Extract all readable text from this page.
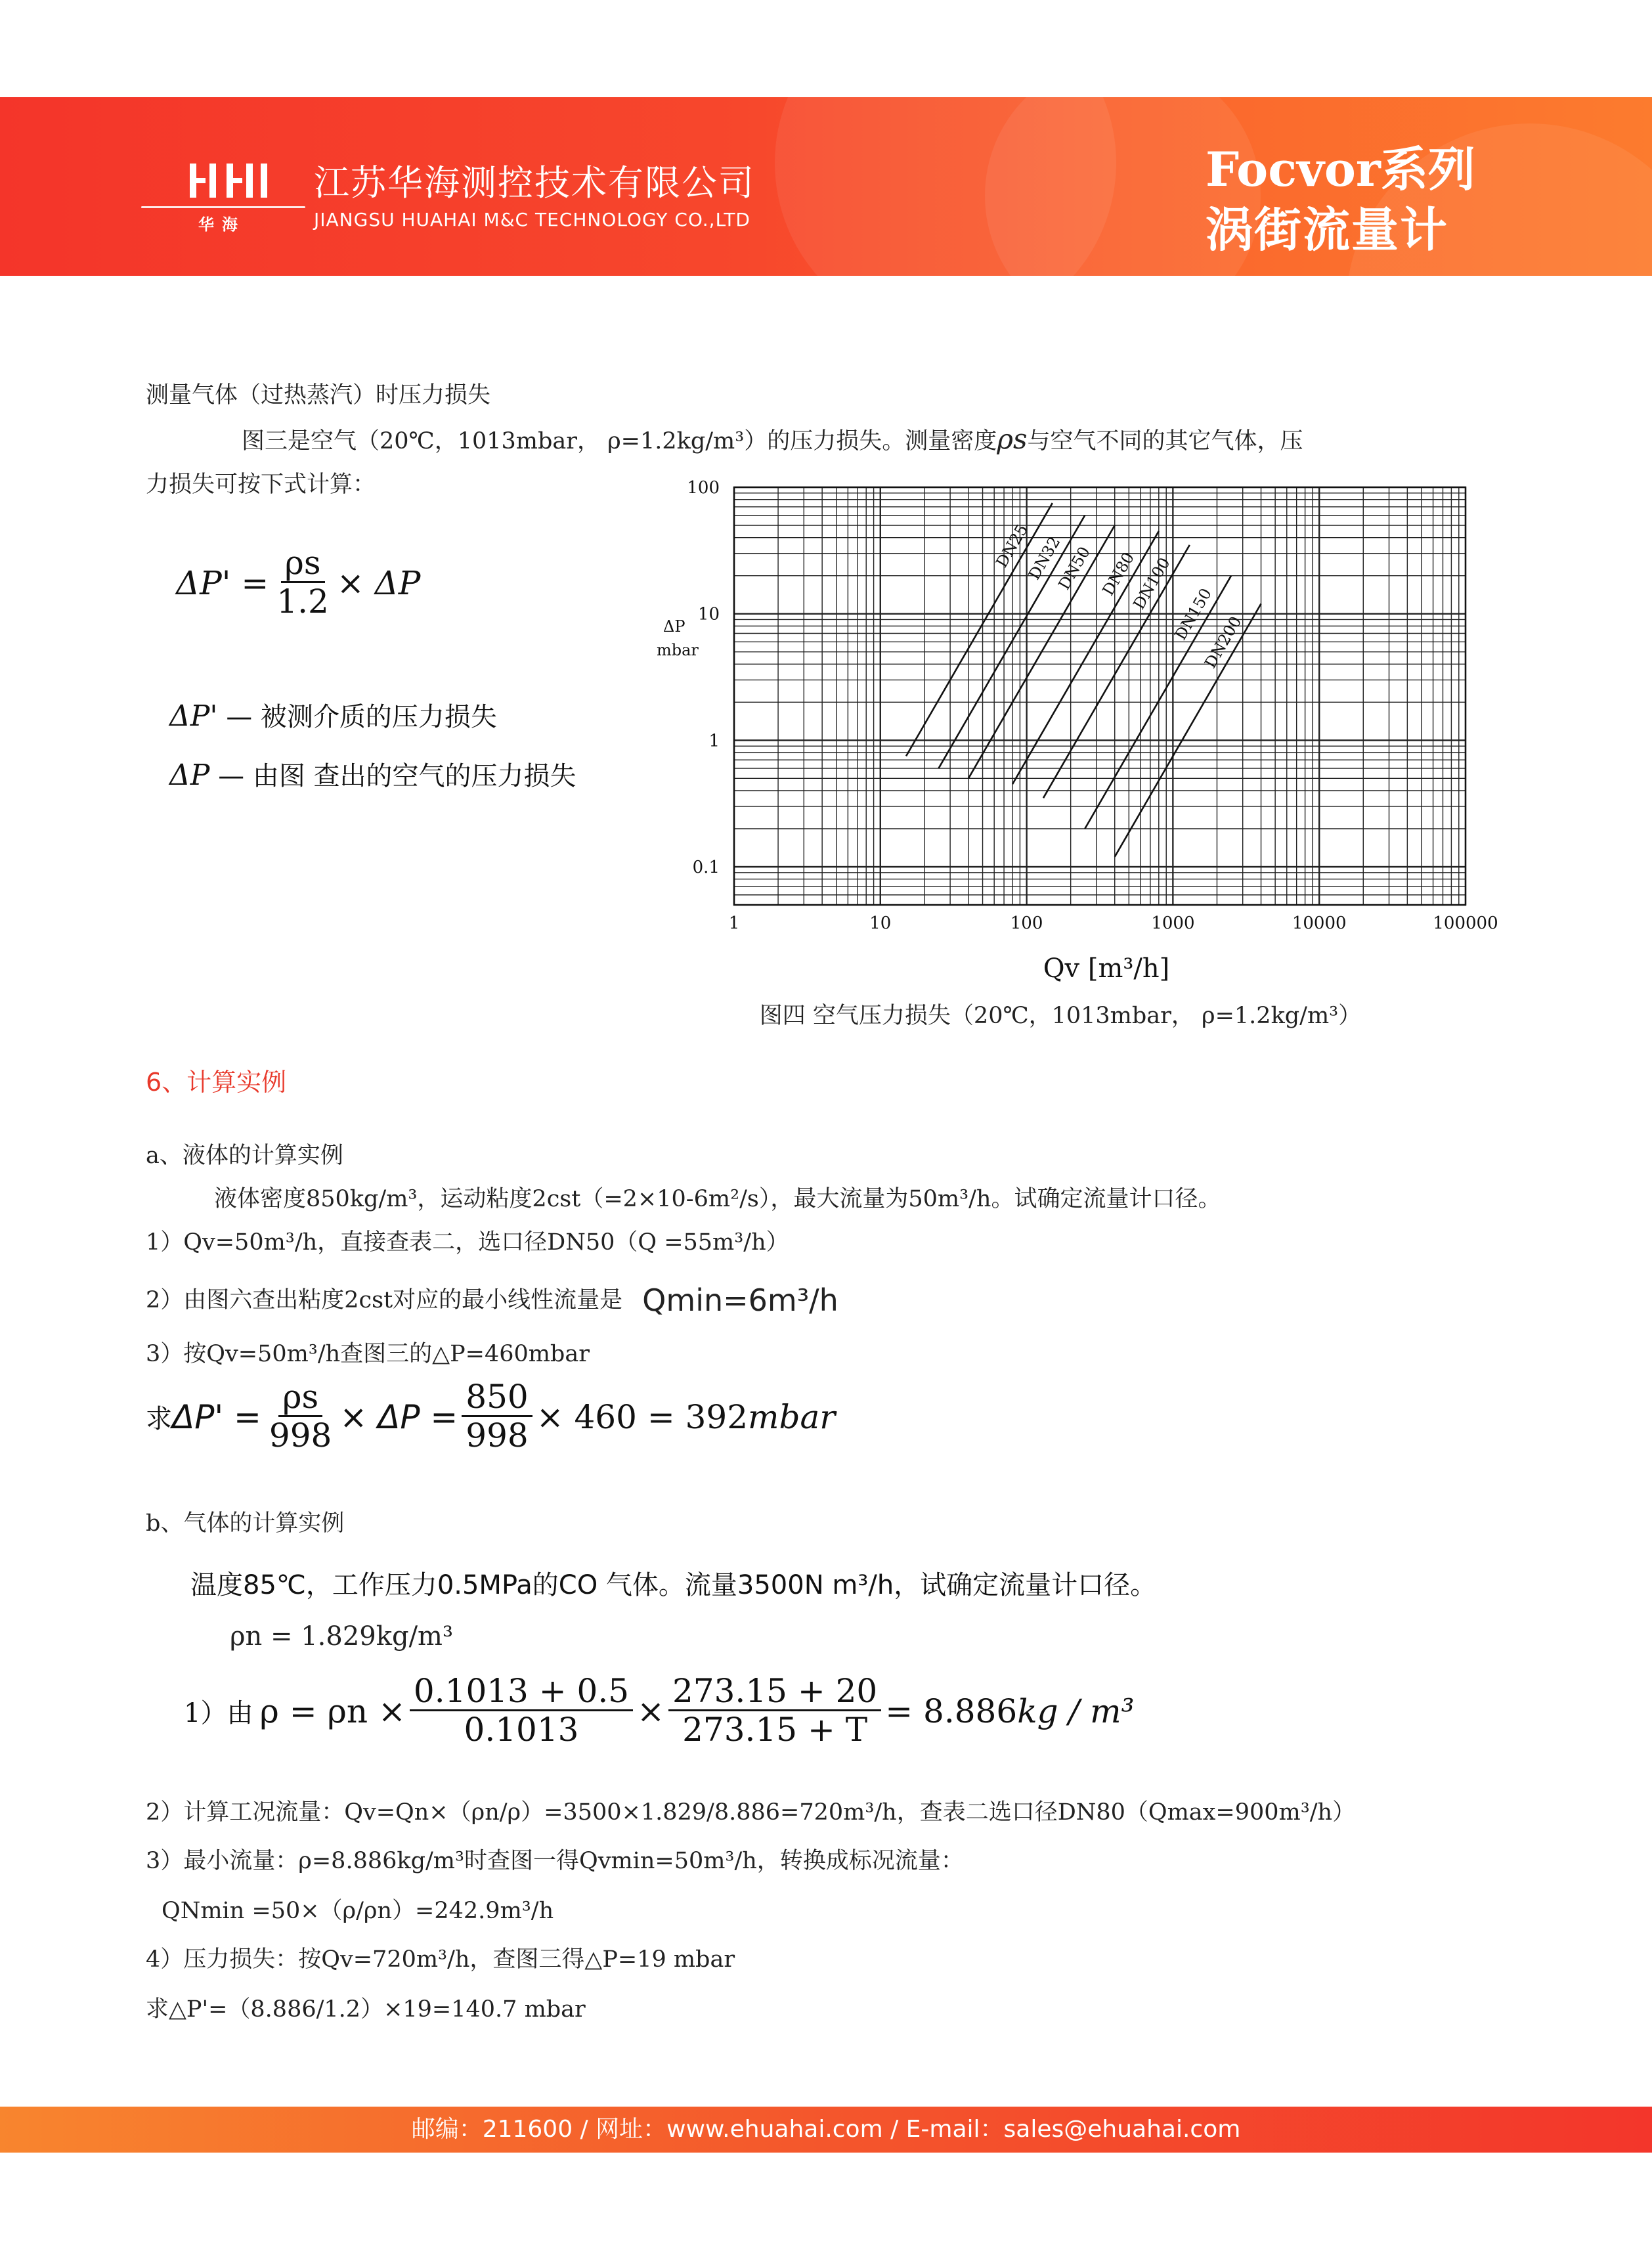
华海
江苏华海测控技术有限公司
JIANGSU HUAHAI M&C TECHNOLOGY CO.,LTD
Focvor系列
涡街流量计
测量气体（过热蒸汽）时压力损失
图三是空气（20℃，1013mbar， ρ=1.2kg/m³）的压力损失。测量密度ρs与空气不同的其它气体，压
力损失可按下式计算：
$\Delta P' = \frac{\rho s}{1.2} \times \Delta P$
ΔP' — 被测介质的压力损失
ΔP — 由图 查出的空气的压力损失
1	10	100	1000	10000	100000
0.1
1
10
100
ΔP
mbar
Qv [m³/h]
DN25
DN32
DN50 DN80
DN100
DN150
DN200
图四 空气压力损失（20℃，1013mbar， ρ=1.2kg/m³）
6、计算实例
a、液体的计算实例
液体密度850kg/m³，运动粘度2cst（=2×10-6m²/s），最大流量为50m³/h。试确定流量计口径。
1）Qv=50m³/h，直接查表二，选口径DN50（Q =55m³/h）
2）由图六查出粘度2cst对应的最小线性流量是 Qmin=6m³/h
3）按Qv=50m³/h查图三的△P=460mbar
求 $\Delta P' = \frac{\rho s}{998} \times \Delta P = \frac{850}{998} \times 460 = 392$ mbar
b、气体的计算实例
温度85℃，工作压力0.5MPa的CO 气体。流量3500N m³/h，试确定流量计口径。
ρn = 1.829kg/m³
1）由 $\rho = \rho n \times \frac{0.1013 + 0.5}{0.1013} \times \frac{273.15 + 20}{273.15 + T} = 8.886$ kg / m³
2）计算工况流量：Qv=Qn×（ρn/ρ）=3500×1.829/8.886=720m³/h，查表二选口径DN80（Qmax=900m³/h）
3）最小流量：ρ=8.886kg/m³时查图一得Qvmin=50m³/h，转换成标况流量：
QNmin =50×（ρ/ρn）=242.9m³/h
4）压力损失：按Qv=720m³/h，查图三得△P=19 mbar
求△P'=（8.886/1.2）×19=140.7 mbar
邮编：211600 / 网址：www.ehuahai.com / E-mail：sales@ehuahai.com
